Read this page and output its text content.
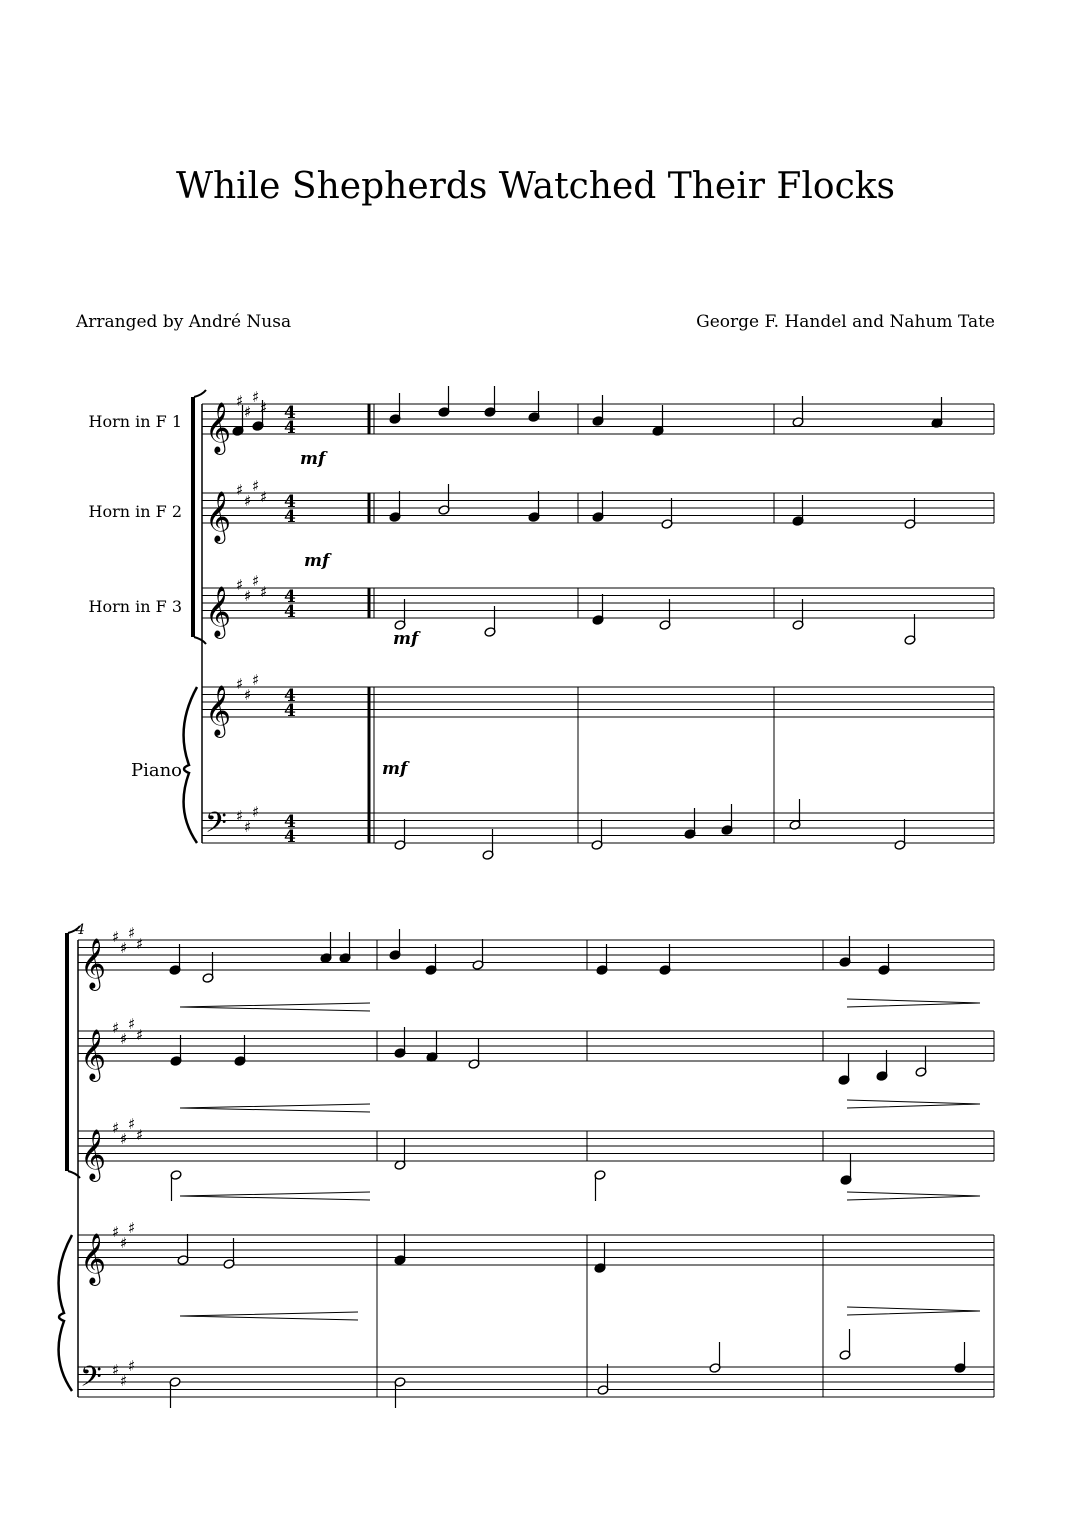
While Shepherds Watched Their Flocks
Arranged by André Nusa	George F. Handel and Nahum Tate
Horn in F 1
Horn in F 2
Horn in F 3
Piano
𝄞
𝄞
𝄞
𝄞
𝄢
𝄞
𝄞
𝄞
𝄞
𝄢
♯
♯
♯
♯
♯
♯
♯
♯
♯
♯
♯
♯
♯
♯
♯
♯
♯
♯
♯
♯
♯
♯
♯
♯
♯
♯
♯
♯
♯
♯
♯
♯
♯
♯
♯
♯
4
4
4
4
4
4
4
4
4
4
mf
mf
mf
mf
4
